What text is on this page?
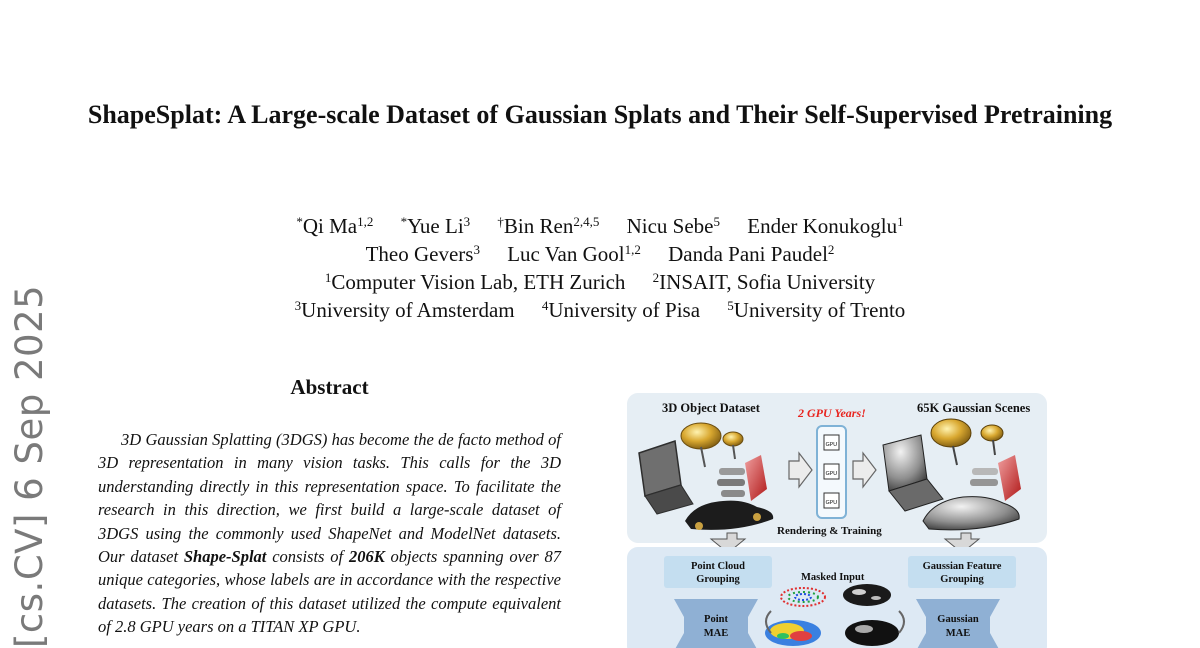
[cs.CV] 6 Sep 2025
ShapeSplat: A Large-scale Dataset of Gaussian Splats and Their Self-Supervised Pretraining
*Qi Ma$^{1,2}$ *Yue Li$^3$ †Bin Ren$^{2,4,5}$ Nicu Sebe$^5$ Ender Konukoglu$^1$
Theo Gevers$^3$ Luc Van Gool$^{1,2}$ Danda Pani Paudel$^2$
$^1$Computer Vision Lab, ETH Zurich $^2$INSAIT, Sofia University
$^3$University of Amsterdam $^4$University of Pisa $^5$University of Trento
Abstract
3D Gaussian Splatting (3DGS) has become the de facto method of 3D representation in many vision tasks. This calls for the 3D understanding directly in this representation space. To facilitate the research in this direction, we first build a large-scale dataset of 3DGS using the commonly used ShapeNet and ModelNet datasets. Our dataset Shape-Splat consists of 206K objects spanning over 87 unique categories, whose labels are in accordance with the respective datasets. The creation of this dataset utilized the compute equivalent of 2.8 GPU years on a TITAN XP GPU.
3D Object Dataset	2 GPU Years!	65K Gaussian Scenes
GPU
GPU
GPU
Rendering & Training
Point Cloud
Grouping	Masked Input
Gaussian Feature
Grouping
Point
MAE
Gaussian
MAE
